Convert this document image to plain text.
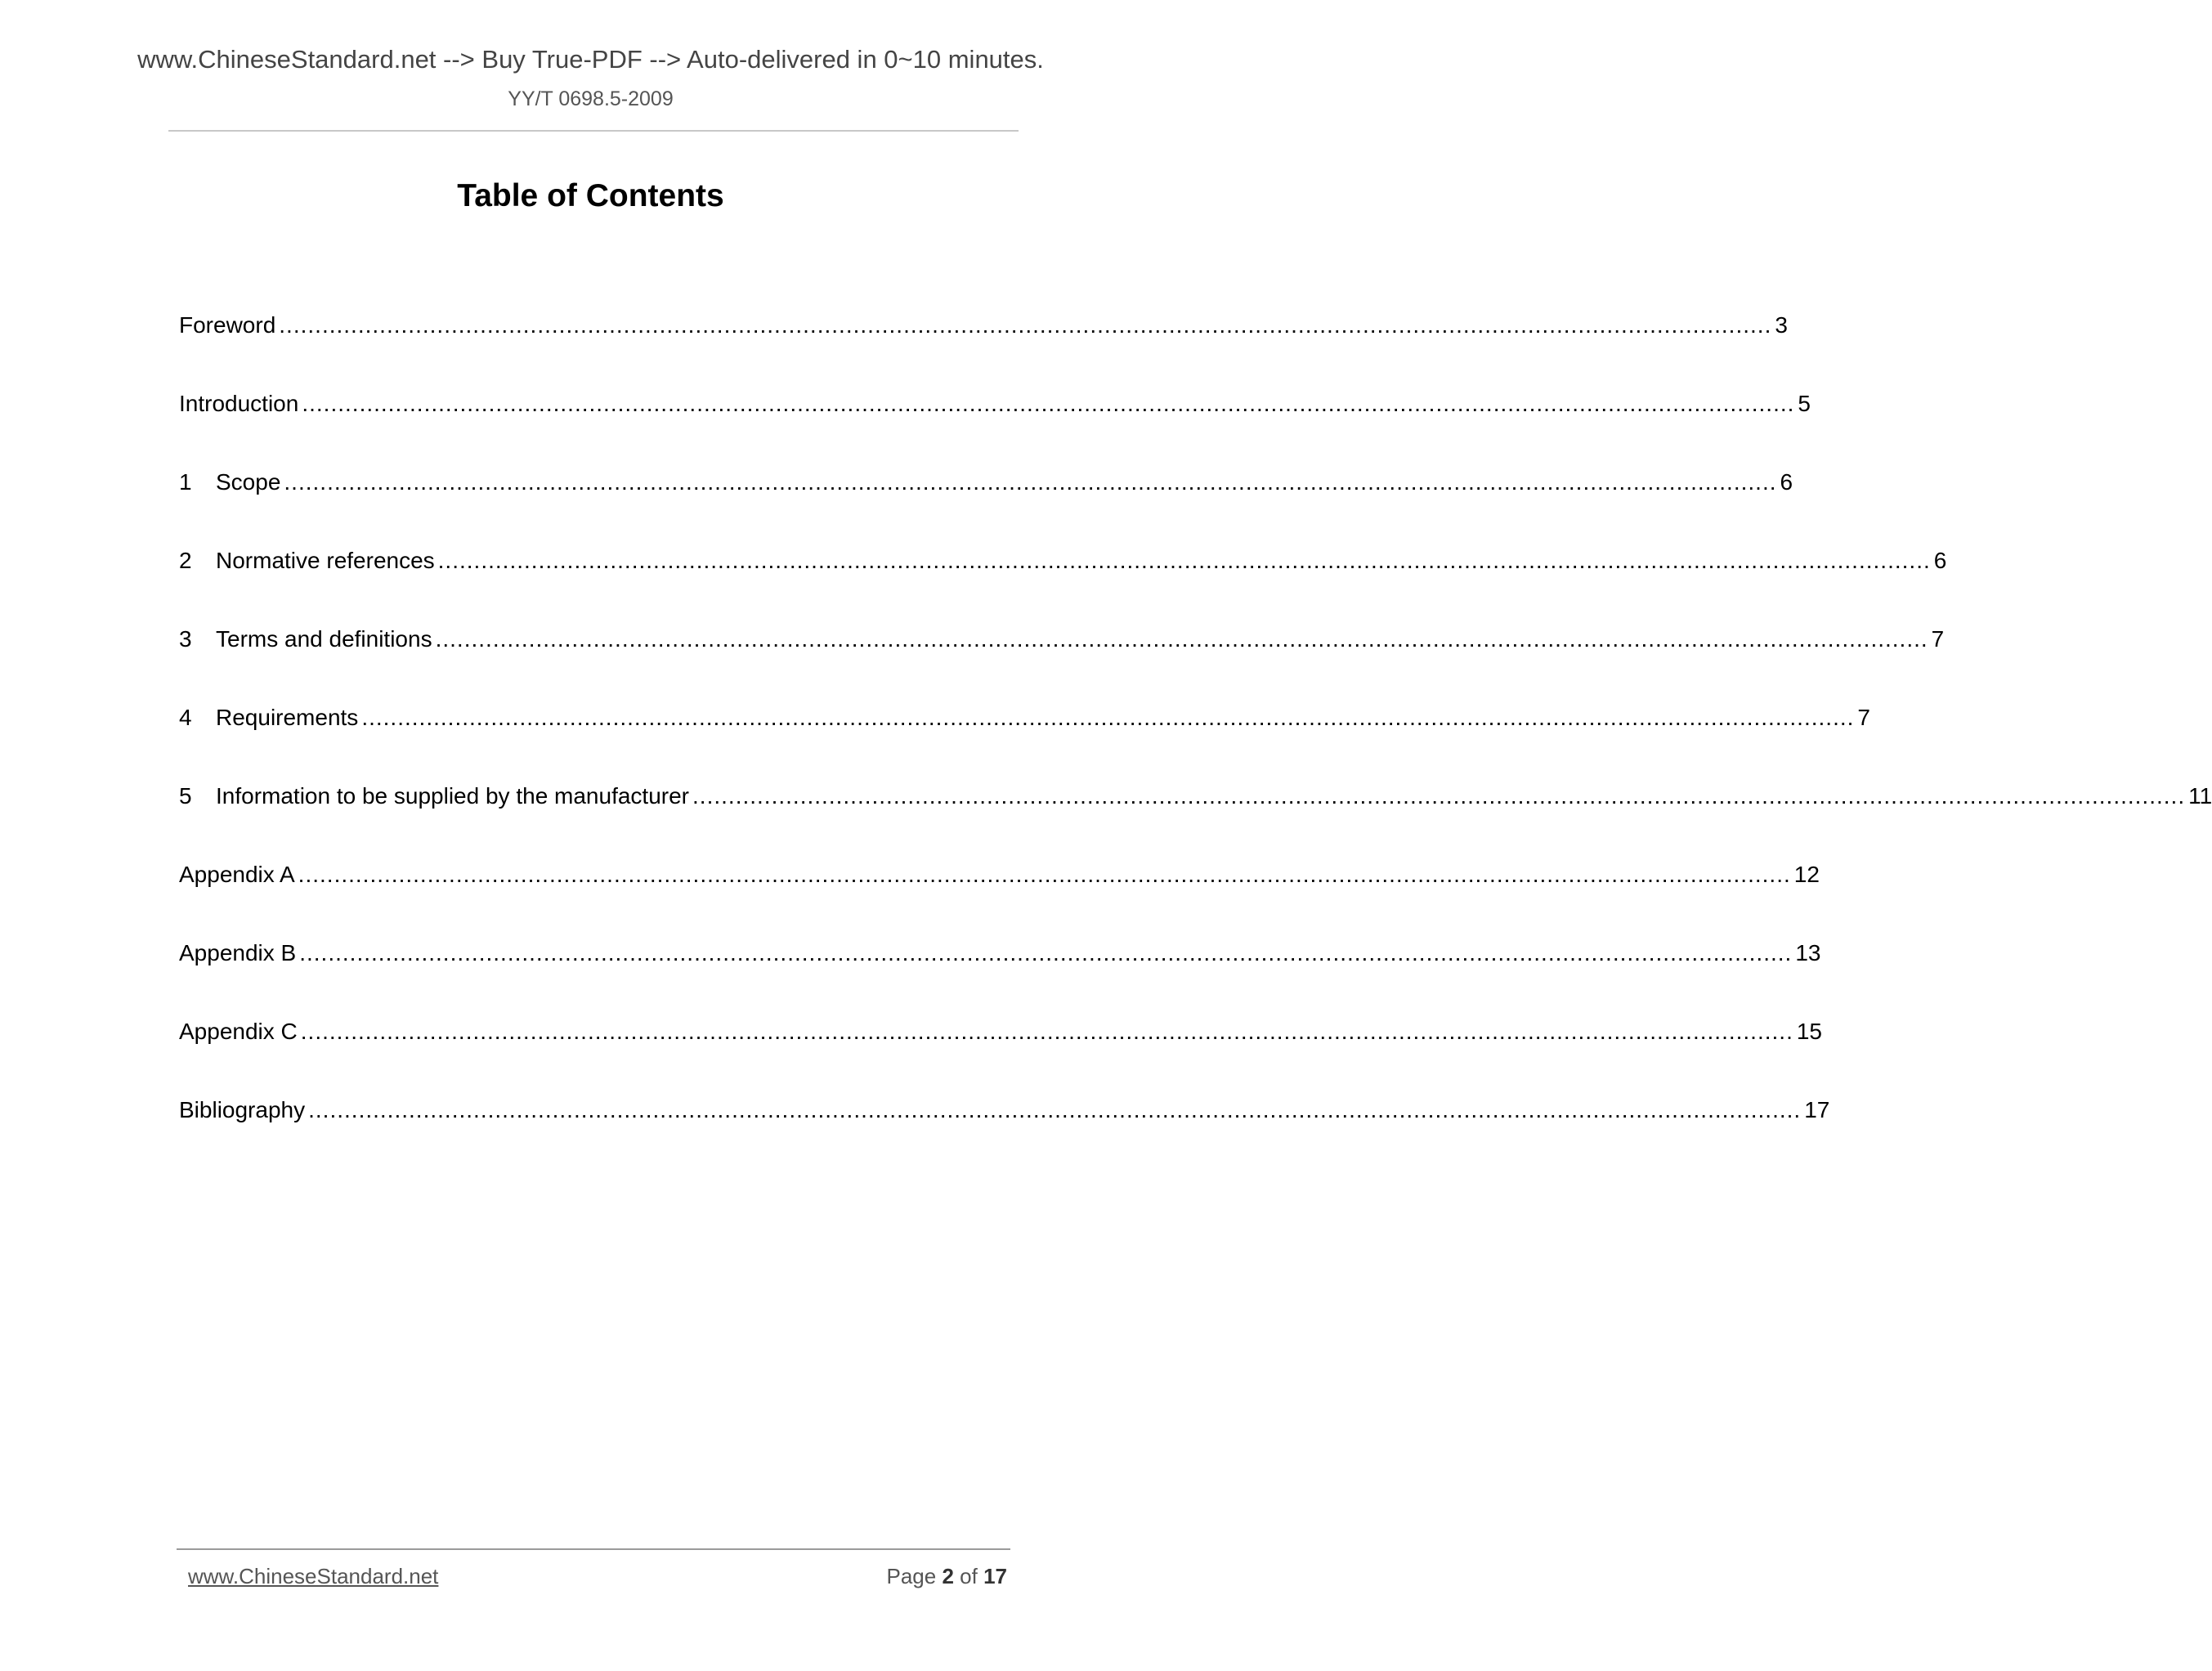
www.ChineseStandard.net --> Buy True-PDF --> Auto-delivered in 0~10 minutes.
YY/T 0698.5-2009
Table of Contents
Foreword ................................................................................................................................................................................................................ 3
Introduction ................................................................................................................................................................................................................ 5
1	Scope ................................................................................................................................................................................................................ 6
2	Normative references ................................................................................................................................................................................................................ 6
3	Terms and definitions ................................................................................................................................................................................................................ 7
4	Requirements ................................................................................................................................................................................................................ 7
5	Information to be supplied by the manufacturer ................................................................................................................................................................................................................ 11
Appendix A ................................................................................................................................................................................................................ 12
Appendix B ................................................................................................................................................................................................................ 13
Appendix C ................................................................................................................................................................................................................ 15
Bibliography ................................................................................................................................................................................................................ 17
www.ChineseStandard.net	Page 2 of 17
